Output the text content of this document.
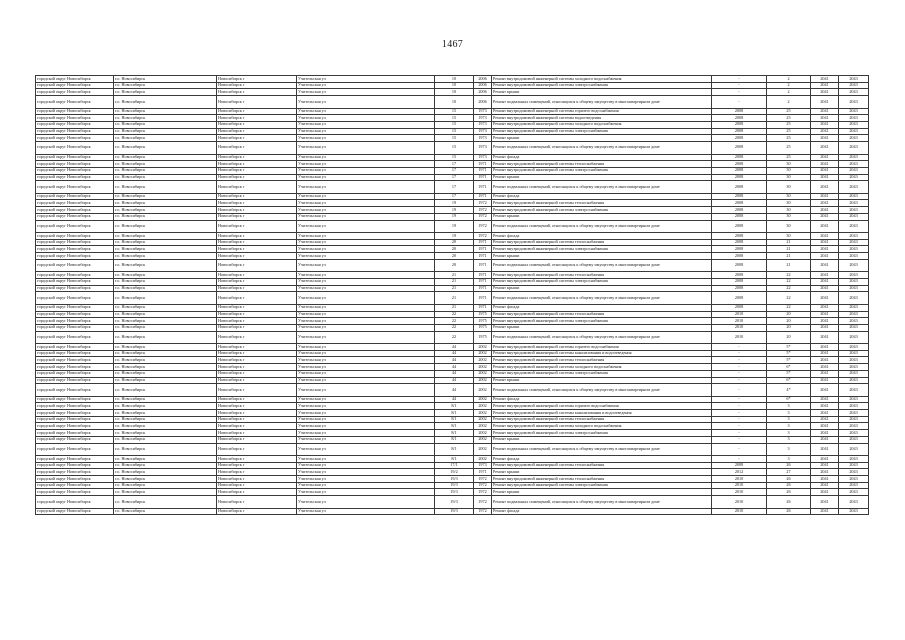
1467
городской округ Новосибирск	г.о. Новосибирск	Новосибирск г	Учительская ул	10	2006	Ремонт внутридомовой инженерной системы холодного водоснабжения	-	2	2041	2043
городской округ Новосибирск	г.о. Новосибирск	Новосибирск г	Учительская ул	10	2006	Ремонт внутридомовой инженерной системы электроснабжения	-	2	2041	2043
городской округ Новосибирск	г.о. Новосибирск	Новосибирск г	Учительская ул	10	2006	Ремонт крыши	-	2	2041	2043
городской округ Новосибирск	г.о. Новосибирск	Новосибирск г	Учительская ул	10	2006	Ремонт подвальных помещений, относящихся к общему имуществу в многоквартирном доме	-	2	2041	2043
городской округ Новосибирск	г.о. Новосибирск	Новосибирск г	Учительская ул	15	1973	Ремонт внутридомовой инженерной системы горячего водоснабжения	2008	25	2041	2043
городской округ Новосибирск	г.о. Новосибирск	Новосибирск г	Учительская ул	15	1973	Ремонт внутридомовой инженерной системы водоотведения	2008	25	2041	2043
городской округ Новосибирск	г.о. Новосибирск	Новосибирск г	Учительская ул	15	1973	Ремонт внутридомовой инженерной системы холодного водоснабжения	2008	25	2041	2043
городской округ Новосибирск	г.о. Новосибирск	Новосибирск г	Учительская ул	15	1973	Ремонт внутридомовой инженерной системы электроснабжения	2008	25	2041	2043
городской округ Новосибирск	г.о. Новосибирск	Новосибирск г	Учительская ул	15	1973	Ремонт крыши	2008	25	2041	2043
городской округ Новосибирск	г.о. Новосибирск	Новосибирск г	Учительская ул	15	1973	Ремонт подвальных помещений, относящихся к общему имуществу в многоквартирном доме	2008	25	2041	2043
городской округ Новосибирск	г.о. Новосибирск	Новосибирск г	Учительская ул	15	1973	Ремонт фасада	2008	25	2041	2043
городской округ Новосибирск	г.о. Новосибирск	Новосибирск г	Учительская ул	17	1971	Ремонт внутридомовой инженерной системы теплоснабжения	2008	30	2041	2043
городской округ Новосибирск	г.о. Новосибирск	Новосибирск г	Учительская ул	17	1971	Ремонт внутридомовой инженерной системы электроснабжения	2008	30	2041	2043
городской округ Новосибирск	г.о. Новосибирск	Новосибирск г	Учительская ул	17	1971	Ремонт крыши	2008	30	2041	2043
городской округ Новосибирск	г.о. Новосибирск	Новосибирск г	Учительская ул	17	1971	Ремонт подвальных помещений, относящихся к общему имуществу в многоквартирном доме	2008	30	2041	2043
городской округ Новосибирск	г.о. Новосибирск	Новосибирск г	Учительская ул	17	1971	Ремонт фасада	2008	30	2041	2043
городской округ Новосибирск	г.о. Новосибирск	Новосибирск г	Учительская ул	19	1972	Ремонт внутридомовой инженерной системы теплоснабжения	2008	30	2041	2043
городской округ Новосибирск	г.о. Новосибирск	Новосибирск г	Учительская ул	19	1972	Ремонт внутридомовой инженерной системы электроснабжения	2008	30	2041	2043
городской округ Новосибирск	г.о. Новосибирск	Новосибирск г	Учительская ул	19	1972	Ремонт крыши	2008	30	2041	2043
городской округ Новосибирск	г.о. Новосибирск	Новосибирск г	Учительская ул	19	1972	Ремонт подвальных помещений, относящихся к общему имуществу в многоквартирном доме	2008	30	2041	2043
городской округ Новосибирск	г.о. Новосибирск	Новосибирск г	Учительская ул	19	1972	Ремонт фасада	2008	30	2041	2043
городской округ Новосибирск	г.о. Новосибирск	Новосибирск г	Учительская ул	20	1971	Ремонт внутридомовой инженерной системы теплоснабжения	2008	21	2041	2043
городской округ Новосибирск	г.о. Новосибирск	Новосибирск г	Учительская ул	20	1971	Ремонт внутридомовой инженерной системы электроснабжения	2008	21	2041	2043
городской округ Новосибирск	г.о. Новосибирск	Новосибирск г	Учительская ул	20	1971	Ремонт крыши	2008	21	2041	2043
городской округ Новосибирск	г.о. Новосибирск	Новосибирск г	Учительская ул	20	1971	Ремонт подвальных помещений, относящихся к общему имуществу в многоквартирном доме	2008	21	2041	2043
городской округ Новосибирск	г.о. Новосибирск	Новосибирск г	Учительская ул	21	1971	Ремонт внутридомовой инженерной системы теплоснабжения	2008	22	2041	2043
городской округ Новосибирск	г.о. Новосибирск	Новосибирск г	Учительская ул	21	1971	Ремонт внутридомовой инженерной системы электроснабжения	2008	22	2041	2043
городской округ Новосибирск	г.о. Новосибирск	Новосибирск г	Учительская ул	21	1971	Ремонт крыши	2008	22	2041	2043
городской округ Новосибирск	г.о. Новосибирск	Новосибирск г	Учительская ул	21	1971	Ремонт подвальных помещений, относящихся к общему имуществу в многоквартирном доме	2008	22	2041	2043
городской округ Новосибирск	г.о. Новосибирск	Новосибирск г	Учительская ул	21	1971	Ремонт фасада	2008	22	2041	2043
городской округ Новосибирск	г.о. Новосибирск	Новосибирск г	Учительская ул	22	1975	Ремонт внутридомовой инженерной системы теплоснабжения	2010	20	2041	2043
городской округ Новосибирск	г.о. Новосибирск	Новосибирск г	Учительская ул	22	1975	Ремонт внутридомовой инженерной системы электроснабжения	2010	20	2041	2043
городской округ Новосибирск	г.о. Новосибирск	Новосибирск г	Учительская ул	22	1975	Ремонт крыши	2010	20	2041	2043
городской округ Новосибирск	г.о. Новосибирск	Новосибирск г	Учительская ул	22	1975	Ремонт подвальных помещений, относящихся к общему имуществу в многоквартирном доме	2010	20	2041	2043
городской округ Новосибирск	г.о. Новосибирск	Новосибирск г	Учительская ул	44	2002	Ремонт внутридомовой инженерной системы горячего водоснабжения	-	5*	2041	2043
городской округ Новосибирск	г.о. Новосибирск	Новосибирск г	Учительская ул	44	2002	Ремонт внутридомовой инженерной системы канализования и водоотведения	-	5*	2041	2043
городской округ Новосибирск	г.о. Новосибирск	Новосибирск г	Учительская ул	44	2002	Ремонт внутридомовой инженерной системы теплоснабжения	-	5*	2041	2043
городской округ Новосибирск	г.о. Новосибирск	Новосибирск г	Учительская ул	44	2002	Ремонт внутридомовой инженерной системы холодного водоснабжения	-	6*	2041	2043
городской округ Новосибирск	г.о. Новосибирск	Новосибирск г	Учительская ул	44	2002	Ремонт внутридомовой инженерной системы электроснабжения	-	5*	2041	2043
городской округ Новосибирск	г.о. Новосибирск	Новосибирск г	Учительская ул	44	2002	Ремонт крыши	-	6*	2041	2043
городской округ Новосибирск	г.о. Новосибирск	Новосибирск г	Учительская ул	44	2002	Ремонт подвальных помещений, относящихся к общему имуществу в многоквартирном доме	-	4*	2041	2043
городской округ Новосибирск	г.о. Новосибирск	Новосибирск г	Учительская ул	44	2002	Ремонт фасада	-	6*	2041	2043
городской округ Новосибирск	г.о. Новосибирск	Новосибирск г	Учительская ул	8/1	2002	Ремонт внутридомовой инженерной системы горячего водоснабжения	-	3	2041	2043
городской округ Новосибирск	г.о. Новосибирск	Новосибирск г	Учительская ул	8/1	2002	Ремонт внутридомовой инженерной системы канализования и водоотведения	-	3	2041	2043
городской округ Новосибирск	г.о. Новосибирск	Новосибирск г	Учительская ул	8/1	2002	Ремонт внутридомовой инженерной системы теплоснабжения	-	3	2041	2043
городской округ Новосибирск	г.о. Новосибирск	Новосибирск г	Учительская ул	8/1	2002	Ремонт внутридомовой инженерной системы холодного водоснабжения	-	3	2041	2043
городской округ Новосибирск	г.о. Новосибирск	Новосибирск г	Учительская ул	8/1	2002	Ремонт внутридомовой инженерной системы электроснабжения	-	3	2041	2043
городской округ Новосибирск	г.о. Новосибирск	Новосибирск г	Учительская ул	8/1	2002	Ремонт крыши	-	3	2041	2043
городской округ Новосибирск	г.о. Новосибирск	Новосибирск г	Учительская ул	8/1	2002	Ремонт подвальных помещений, относящихся к общему имуществу в многоквартирном доме	-	3	2041	2043
городской округ Новосибирск	г.о. Новосибирск	Новосибирск г	Учительская ул	8/1	2002	Ремонт фасада	-	3	2041	2043
городской округ Новосибирск	г.о. Новосибирск	Новосибирск г	Учительская ул	17/1	1973	Ремонт внутридомовой инженерной системы теплоснабжения	2008	26	2041	2043
городской округ Новосибирск	г.о. Новосибирск	Новосибирск г	Учительская ул	19/2	1971	Ремонт крыши	2012	27	2041	2043
городской округ Новосибирск	г.о. Новосибирск	Новосибирск г	Учительская ул	19/3	1972	Ремонт внутридомовой инженерной системы теплоснабжения	2010	26	2041	2043
городской округ Новосибирск	г.о. Новосибирск	Новосибирск г	Учительская ул	19/3	1972	Ремонт внутридомовой инженерной системы электроснабжения	2010	26	2041	2043
городской округ Новосибирск	г.о. Новосибирск	Новосибирск г	Учительская ул	19/3	1972	Ремонт крыши	2010	26	2041	2043
городской округ Новосибирск	г.о. Новосибирск	Новосибирск г	Учительская ул	19/3	1972	Ремонт подвальных помещений, относящихся к общему имуществу в многоквартирном доме	2010	26	2041	2043
городской округ Новосибирск	г.о. Новосибирск	Новосибирск г	Учительская ул	19/3	1972	Ремонт фасада	2010	26	2041	2043
